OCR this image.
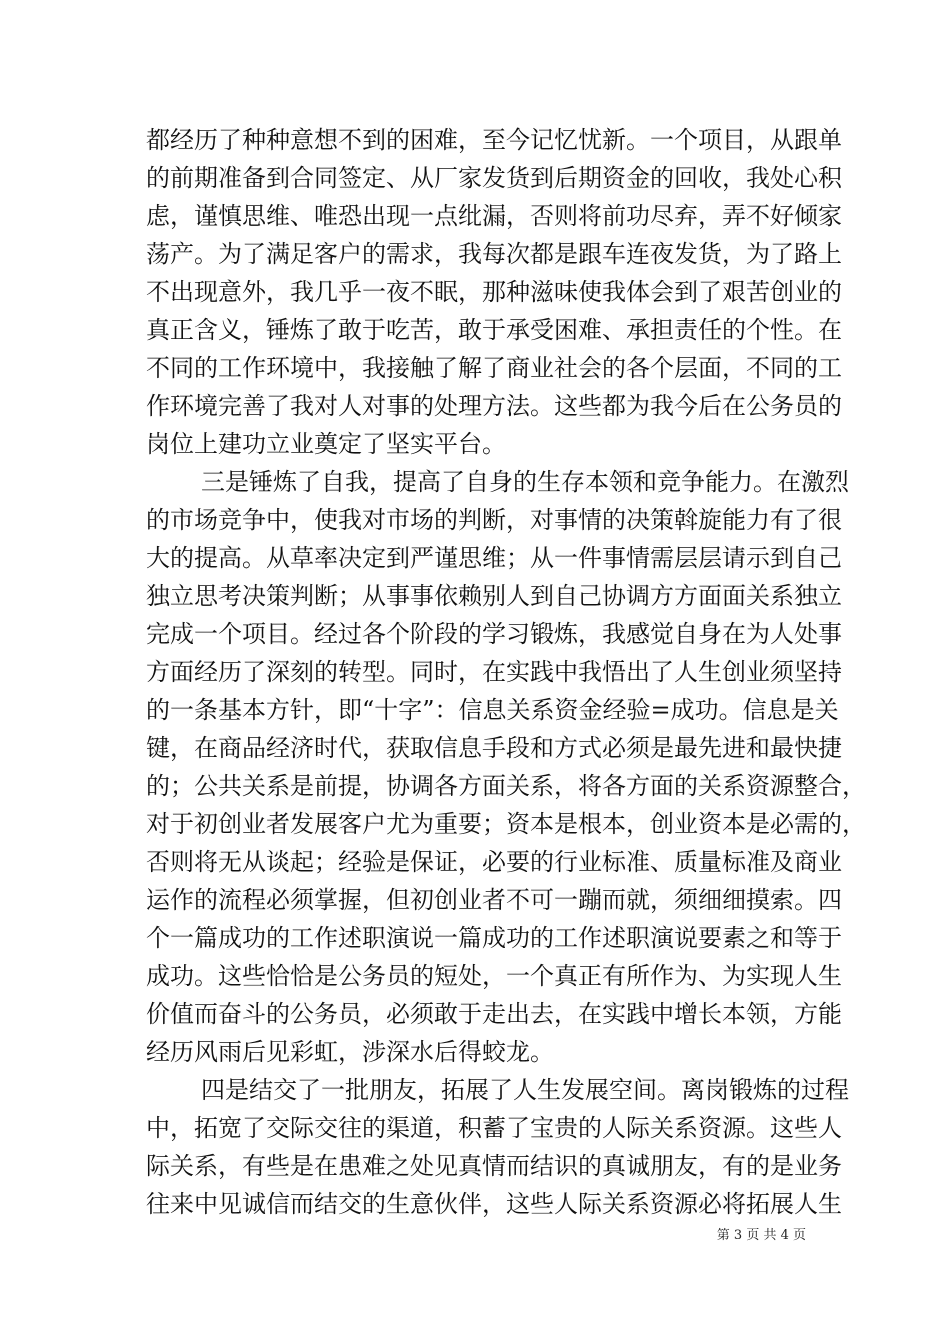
都经历了种种意想不到的困难，至今记忆忧新。一个项目，从跟单
的前期准备到合同签定、从厂家发货到后期资金的回收，我处心积
虑，谨慎思维、唯恐出现一点纰漏，否则将前功尽弃，弄不好倾家
荡产。为了满足客户的需求，我每次都是跟车连夜发货，为了路上
不出现意外，我几乎一夜不眠，那种滋味使我体会到了艰苦创业的
真正含义，锤炼了敢于吃苦，敢于承受困难、承担责任的个性。在
不同的工作环境中，我接触了解了商业社会的各个层面，不同的工
作环境完善了我对人对事的处理方法。这些都为我今后在公务员的
岗位上建功立业奠定了坚实平台。
三是锤炼了自我，提高了自身的生存本领和竞争能力。在激烈
的市场竞争中，使我对市场的判断，对事情的决策斡旋能力有了很
大的提高。从草率决定到严谨思维；从一件事情需层层请示到自己
独立思考决策判断；从事事依赖别人到自己协调方方面面关系独立
完成一个项目。经过各个阶段的学习锻炼，我感觉自身在为人处事
方面经历了深刻的转型。同时，在实践中我悟出了人生创业须坚持
的一条基本方针，即“十字”：信息关系资金经验=成功。信息是关
键，在商品经济时代，获取信息手段和方式必须是最先进和最快捷
的；公共关系是前提，协调各方面关系，将各方面的关系资源整合，
对于初创业者发展客户尤为重要；资本是根本，创业资本是必需的，
否则将无从谈起；经验是保证，必要的行业标准、质量标准及商业
运作的流程必须掌握，但初创业者不可一蹦而就，须细细摸索。四
个一篇成功的工作述职演说一篇成功的工作述职演说要素之和等于
成功。这些恰恰是公务员的短处，一个真正有所作为、为实现人生
价值而奋斗的公务员，必须敢于走出去，在实践中增长本领，方能
经历风雨后见彩虹，涉深水后得蛟龙。
四是结交了一批朋友，拓展了人生发展空间。离岗锻炼的过程
中，拓宽了交际交往的渠道，积蓄了宝贵的人际关系资源。这些人
际关系，有些是在患难之处见真情而结识的真诚朋友，有的是业务
往来中见诚信而结交的生意伙伴，这些人际关系资源必将拓展人生
第 3 页 共 4 页
